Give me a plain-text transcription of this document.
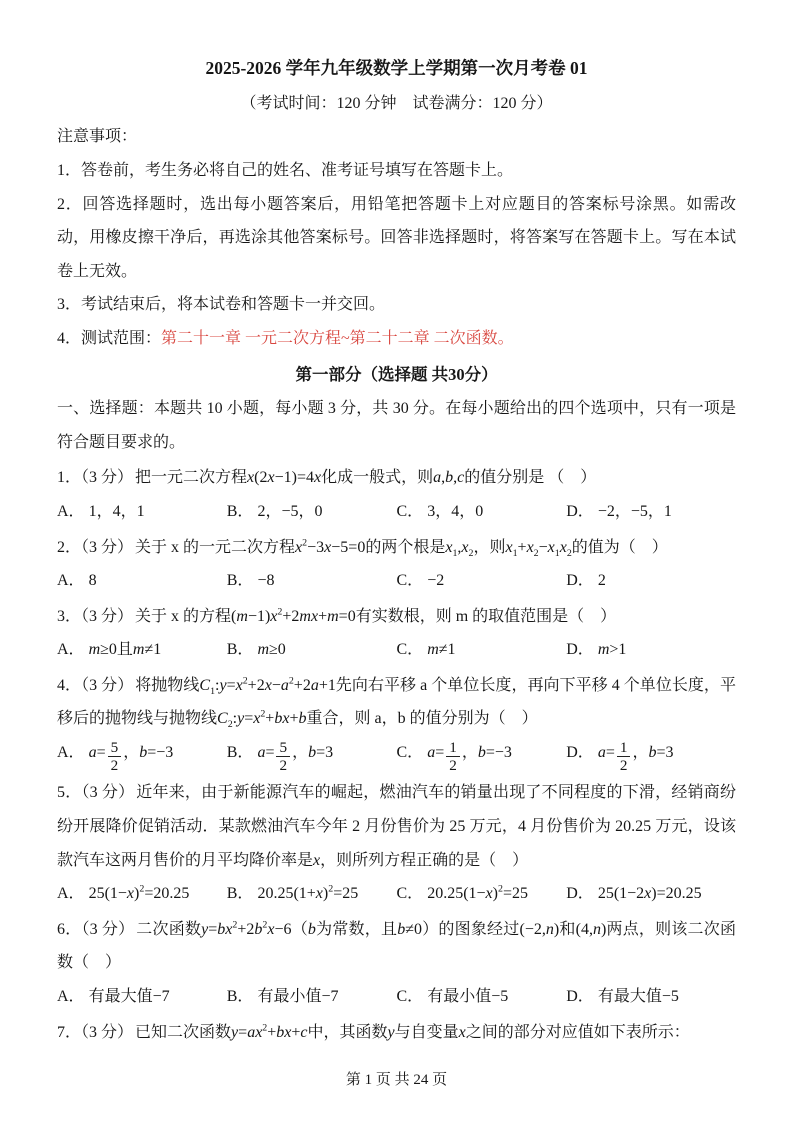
2025-2026 学年九年级数学上学期第一次月考卷 01

（考试时间：120 分钟　试卷满分：120 分）

注意事项：

1．答卷前，考生务必将自己的姓名、准考证号填写在答题卡上。

2．回答选择题时，选出每小题答案后，用铅笔把答题卡上对应题目的答案标号涂黑。如需改动，用橡皮擦干净后，再选涂其他答案标号。回答非选择题时，将答案写在答题卡上。写在本试卷上无效。

3．考试结束后，将本试卷和答题卡一并交回。

4．测试范围：第二十一章 一元二次方程~第二十二章 二次函数。

第一部分（选择题 共30分）

一、选择题：本题共 10 小题，每小题 3 分，共 30 分。在每小题给出的四个选项中，只有一项是符合题目要求的。

1．（3 分） 把一元二次方程x(2x−1)=4x化成一般式，则a,b,c的值分别是 （　）

A． 1，4，1	B． 2，−5，0	C． 3，4，0	D． −2，−5，1

2．（3 分） 关于 x 的一元二次方程$x^2-3x-5=0$的两个根是$x_1,x_2$，则$x_1+x_2-x_1x_2$的值为（　）

A． 8	B． −8	C． −2	D． 2

3．（3 分） 关于 x 的方程$(m-1)x^2+2mx+m=0$有实数根，则 m 的取值范围是（　）

A． m≥0且m≠1	B． m≥0	C． m≠1	D． m>1

4．（3 分） 将抛物线$C_1:y=x^2+2x-a^2+2a+1$先向右平移 a 个单位长度，再向下平移 4 个单位长度，平移后的抛物线与抛物线$C_2:y=x^2+bx+b$重合，则 a，b 的值分别为（　）

A． $a= \frac{5}{2}$ ，b=−3	B． $a= \frac{5}{2}$ ，b=3	C． $a= \frac{1}{2}$ ，b=−3	D． $a= \frac{1}{2}$ ，b=3

5．（3 分） 近年来，由于新能源汽车的崛起，燃油汽车的销量出现了不同程度的下滑，经销商纷纷开展降价促销活动．某款燃油汽车今年 2 月份售价为 25 万元，4 月份售价为 20.25 万元，设该款汽车这两月售价的月平均降价率是x，则所列方程正确的是（　）

A． $25(1-x)^2=20.25$	B． $20.25(1+x)^2=25$	C． $20.25(1-x)^2=25$	D． 25(1−2x)=20.25

6．（3 分） 二次函数$y=bx^2+2b^2x-6(b$为常数，且b≠0）的图象经过(−2,n)和(4,n)两点，则该二次函数（　）

A． 有最大值−7	B． 有最小值−7	C． 有最小值−5	D． 有最大值−5

7．（3 分） 已知二次函数$y=ax^2+bx+c$中，其函数y与自变量x之间的部分对应值如下表所示：

第 1 页 共 24 页
